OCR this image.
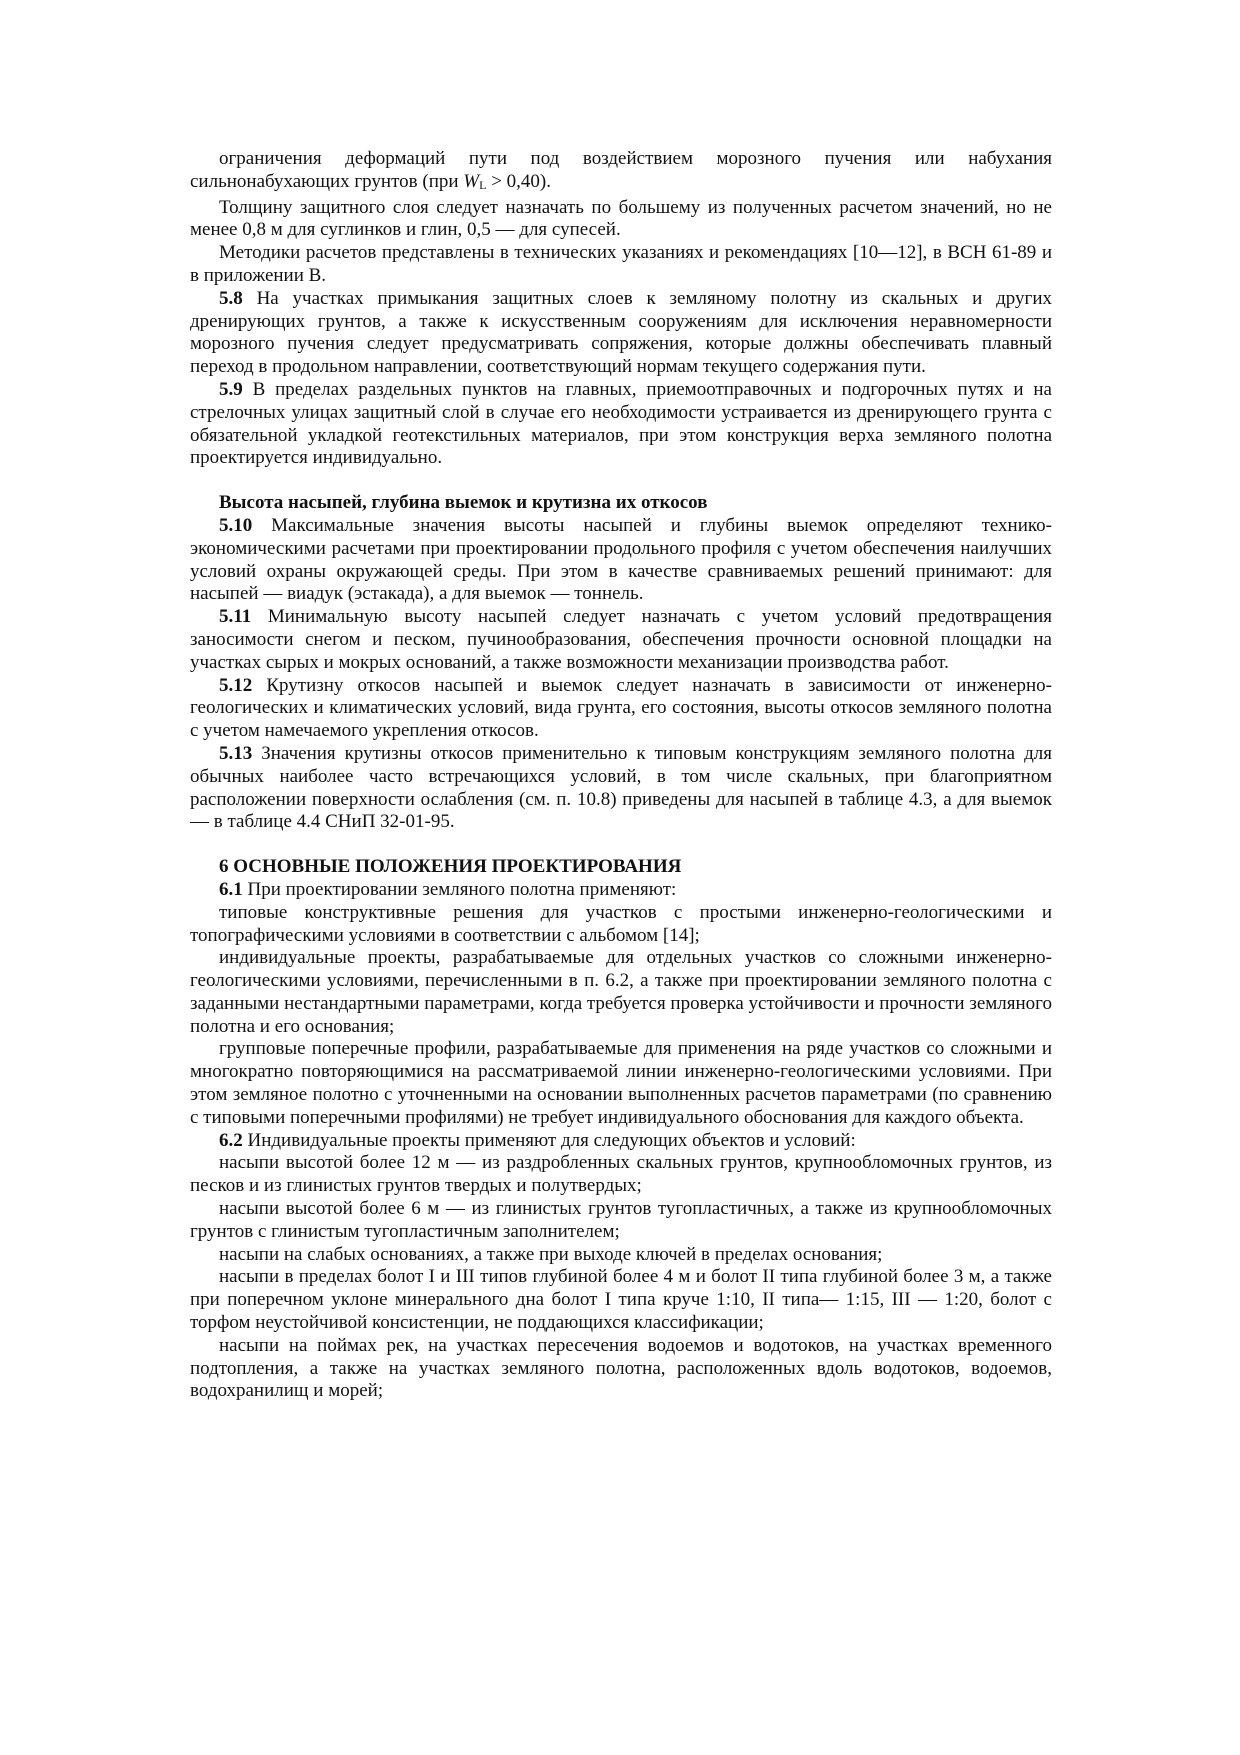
ограничения деформаций пути под воздействием морозного пучения или набухания сильнонабухающих грунтов (при WL > 0,40).

Толщину защитного слоя следует назначать по большему из полученных расчетом значений, но не менее 0,8 м для суглинков и глин, 0,5 — для супесей.

Методики расчетов представлены в технических указаниях и рекомендациях [10—12], в ВСН 61-89 и в приложении В.

5.8 На участках примыкания защитных слоев к земляному полотну из скальных и других дренирующих грунтов, а также к искусственным сооружениям для исключения неравномерности морозного пучения следует предусматривать сопряжения, которые должны обеспечивать плавный переход в продольном направлении, соответствующий нормам текущего содержания пути.

5.9 В пределах раздельных пунктов на главных, приемоотправочных и подгорочных путях и на стрелочных улицах защитный слой в случае его необходимости устраивается из дренирующего грунта с обязательной укладкой геотекстильных материалов, при этом конструкция верха земляного полотна проектируется индивидуально.

Высота насыпей, глубина выемок и крутизна их откосов

5.10 Максимальные значения высоты насыпей и глубины выемок определяют технико-экономическими расчетами при проектировании продольного профиля с учетом обеспечения наилучших условий охраны окружающей среды. При этом в качестве сравниваемых решений принимают: для насыпей — виадук (эстакада), а для выемок — тоннель.

5.11 Минимальную высоту насыпей следует назначать с учетом условий предотвращения заносимости снегом и песком, пучинообразования, обеспечения прочности основной площадки на участках сырых и мокрых оснований, а также возможности механизации производства работ.

5.12 Крутизну откосов насыпей и выемок следует назначать в зависимости от инженерно-геологических и климатических условий, вида грунта, его состояния, высоты откосов земляного полотна с учетом намечаемого укрепления откосов.

5.13 Значения крутизны откосов применительно к типовым конструкциям земляного полотна для обычных наиболее часто встречающихся условий, в том числе скальных, при благоприятном расположении поверхности ослабления (см. п. 10.8) приведены для насыпей в таблице 4.3, а для выемок — в таблице 4.4 СНиП 32-01-95.

6 ОСНОВНЫЕ ПОЛОЖЕНИЯ ПРОЕКТИРОВАНИЯ

6.1 При проектировании земляного полотна применяют:

типовые конструктивные решения для участков с простыми инженерно-геологическими и топографическими условиями в соответствии с альбомом [14];

индивидуальные проекты, разрабатываемые для отдельных участков со сложными инженерно-геологическими условиями, перечисленными в п. 6.2, а также при проектировании земляного полотна с заданными нестандартными параметрами, когда требуется проверка устойчивости и прочности земляного полотна и его основания;

групповые поперечные профили, разрабатываемые для применения на ряде участков со сложными и многократно повторяющимися на рассматриваемой линии инженерно-геологическими условиями. При этом земляное полотно с уточненными на основании выполненных расчетов параметрами (по сравнению с типовыми поперечными профилями) не требует индивидуального обоснования для каждого объекта.

6.2 Индивидуальные проекты применяют для следующих объектов и условий:

насыпи высотой более 12 м — из раздробленных скальных грунтов, крупнообломочных грунтов, из песков и из глинистых грунтов твердых и полутвердых;

насыпи высотой более 6 м — из глинистых грунтов тугопластичных, а также из крупнообломочных грунтов с глинистым тугопластичным заполнителем;

насыпи на слабых основаниях, а также при выходе ключей в пределах основания;

насыпи в пределах болот I и III типов глубиной более 4 м и болот II типа глубиной более 3 м, а также при поперечном уклоне минерального дна болот I типа круче 1:10, II типа— 1:15, III — 1:20, болот с торфом неустойчивой консистенции, не поддающихся классификации;

насыпи на поймах рек, на участках пересечения водоемов и водотоков, на участках временного подтопления, а также на участках земляного полотна, расположенных вдоль водотоков, водоемов, водохранилищ и морей;
